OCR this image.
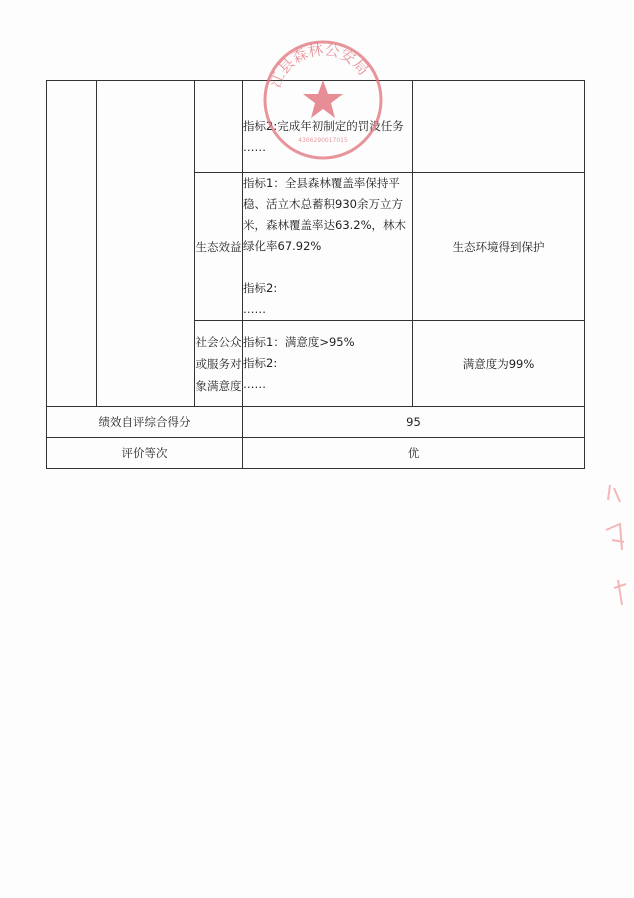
			指标2:完成年初制定的罚没任务
……	

		生态效益	指标1：全县森林覆盖率保持平稳、活立木总蓄积930余万立方米，森林覆盖率达63.2%，林木绿化率67.92%
指标2:
……	生态环境得到保护
		社会公众或服务对象满意度	指标1：满意度>95%
指标2:
……	满意度为99%
绩效自评综合得分			95	
评价等次			优	
江县森林公安局
4306290017015
